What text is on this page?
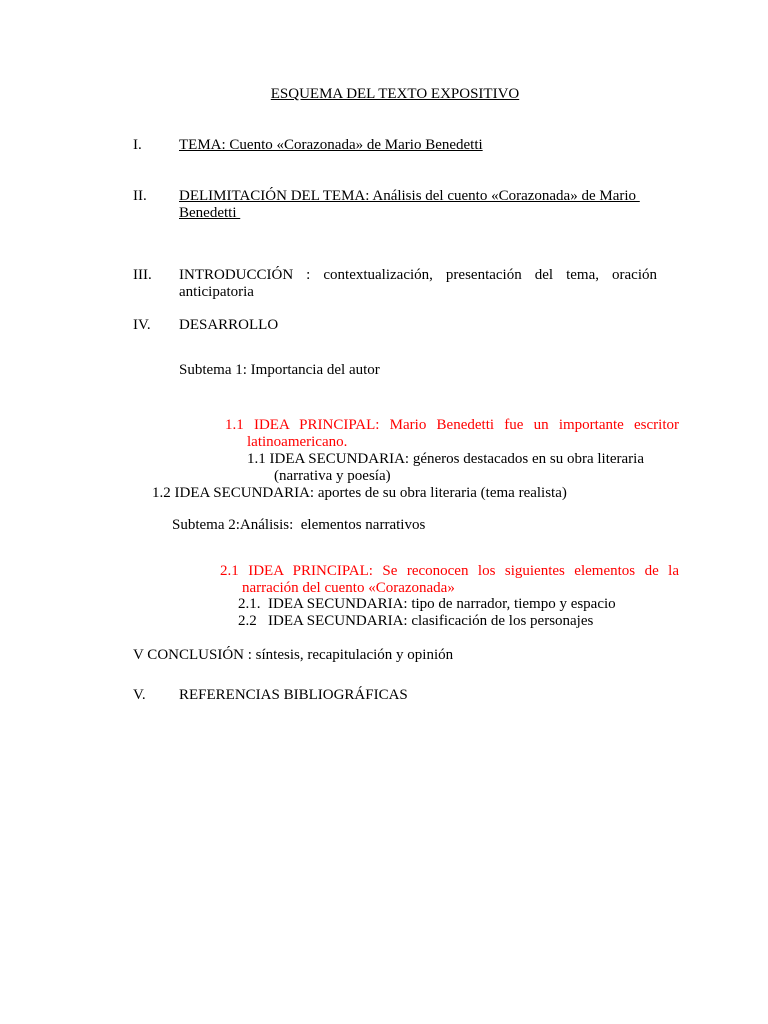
ESQUEMA DEL TEXTO EXPOSITIVO
I. TEMA: Cuento «Corazonada» de Mario Benedetti
II. DELIMITACIÓN DEL TEMA: Análisis del cuento «Corazonada» de Mario
Benedetti
III. INTRODUCCIÓN : contextualización, presentación del tema, oración anticipatoria
IV. DESARROLLO
Subtema 1: Importancia del autor
1.1 IDEA PRINCIPAL: Mario Benedetti fue un importante escritor latinoamericano.
1.1 IDEA SECUNDARIA: géneros destacados en su obra literaria
(narrativa y poesía)
1.2 IDEA SECUNDARIA: aportes de su obra literaria (tema realista)
Subtema 2:Análisis:  elementos narrativos
2.1 IDEA PRINCIPAL: Se reconocen los siguientes elementos de la narración del cuento «Corazonada»
2.1.  IDEA SECUNDARIA: tipo de narrador, tiempo y espacio
2.2   IDEA SECUNDARIA: clasificación de los personajes
V CONCLUSIÓN : síntesis, recapitulación y opinión
V. REFERENCIAS BIBLIOGRÁFICAS
